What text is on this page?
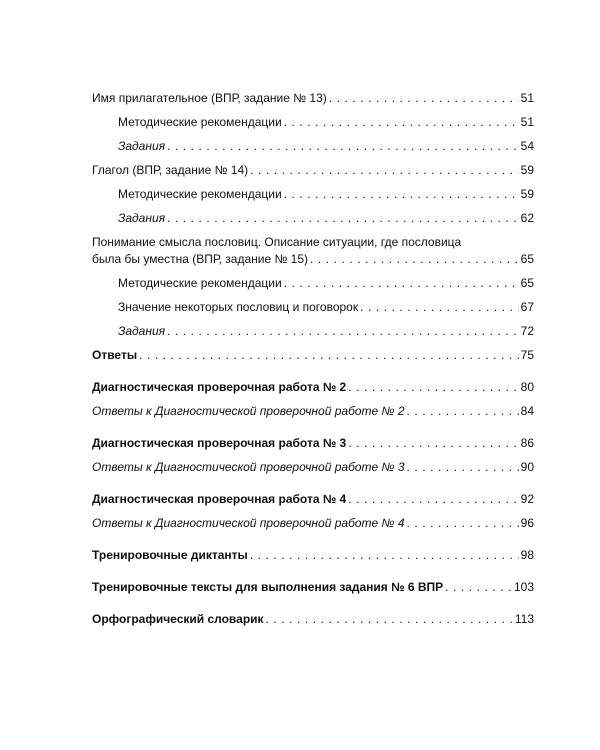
Имя прилагательное (ВПР, задание № 13) . . .	51
Методические рекомендации . . .	51
Задания . . .	54
Глагол (ВПР, задание № 14) . . .	59
Методические рекомендации . . .	59
Задания . . .	62
Понимание смысла пословиц. Описание ситуации, где пословица
была бы уместна (ВПР, задание № 15) . . .	65
Методические рекомендации . . .	65
Значение некоторых пословиц и поговорок . . .	67
Задания . . .	72
Ответы . . .	75
Диагностическая проверочная работа № 2 . . .	80
Ответы к Диагностической проверочной работе № 2 . . .	84
Диагностическая проверочная работа № 3 . . .	86
Ответы к Диагностической проверочной работе № 3 . . .	90
Диагностическая проверочная работа № 4 . . .	92
Ответы к Диагностической проверочной работе № 4 . . .	96
Тренировочные диктанты . . .	98
Тренировочные тексты для выполнения задания № 6 ВПР . . .	103
Орфографический словарик . . .	113
